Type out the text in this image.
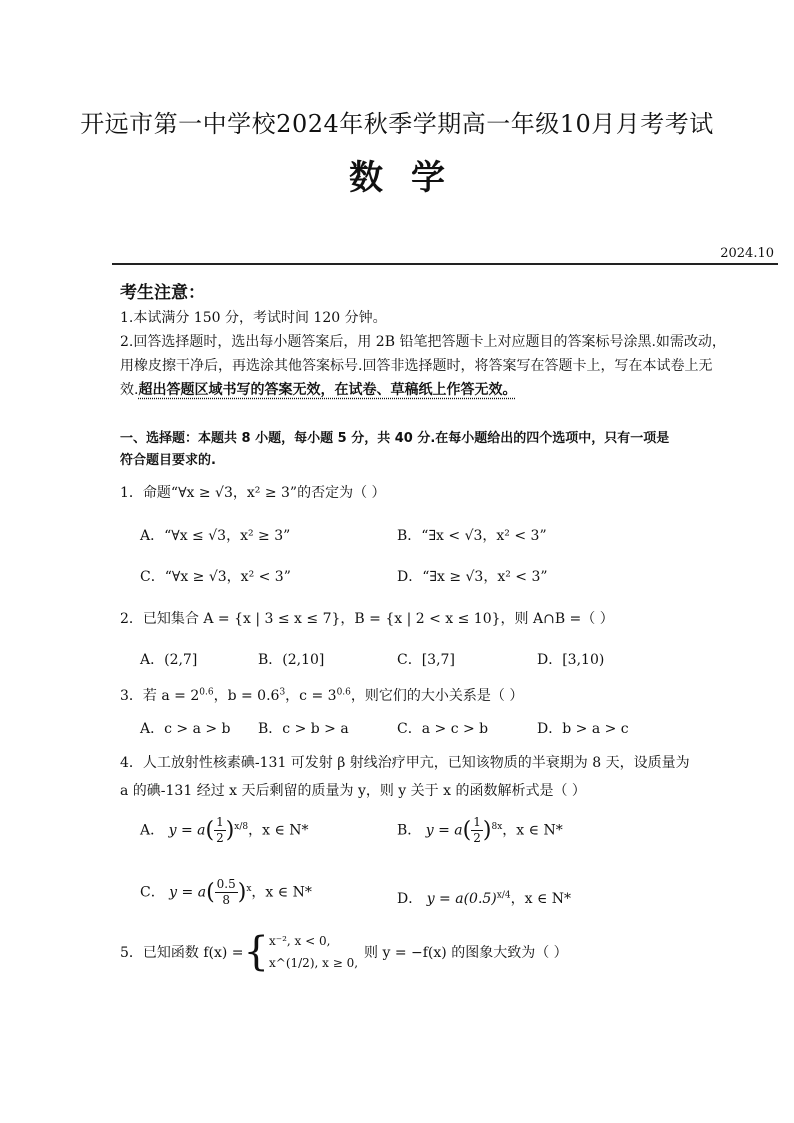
开远市第一中学校2024年秋季学期高一年级10月月考考试
数学
2024.10
考生注意：
1.本试满分 150 分，考试时间 120 分钟。
2.回答选择题时，选出每小题答案后，用 2B 铅笔把答题卡上对应题目的答案标号涂黑.如需改动，
用橡皮擦干净后，再选涂其他答案标号.回答非选择题时，将答案写在答题卡上，写在本试卷上无
效.超出答题区域书写的答案无效，在试卷、草稿纸上作答无效。
一、选择题：本题共 8 小题，每小题 5 分，共 40 分.在每小题给出的四个选项中，只有一项是
符合题目要求的.
1．命题“∀x ≥ √3，x² ≥ 3”的否定为（ ）
A．“∀x ≤ √3，x² ≥ 3”	B．“∃x < √3，x² < 3”
C．“∀x ≥ √3，x² < 3”	D．“∃x ≥ √3，x² < 3”
2．已知集合 A = {x | 3 ≤ x ≤ 7}，B = {x | 2 < x ≤ 10}，则 A∩B =（ ）
A．(2,7]	B．(2,10]	C．[3,7]	D．[3,10)
3．若 $a = 2^{0.6}$，$b = 0.6^3$，$c = 3^{0.6}$，则它们的大小关系是（ ）
A．c > a > b B．c > b > a	C．a > c > b	D．b > a > c
4．人工放射性核素碘-131 可发射 β 射线治疗甲亢，已知该物质的半衰期为 8 天，设质量为
a 的碘-131 经过 x 天后剩留的质量为 y，则 y 关于 x 的函数解析式是（ ）
A． $y = a( \frac{1}{2} )^{x/8}$，x ∈ N*	B． $y = a( \frac{1}{2} )^{8x}$，x ∈ N*
C． $y = a( \frac{0.5}{8} )^x$，x ∈ N*	D． $y = a(0.5)^{x/4}$，x ∈ N*
5．已知函数 f(x) = { x⁻², x < 0,
x^(1/2), x ≥ 0,
则 y = −f(x) 的图象大致为（ ）
